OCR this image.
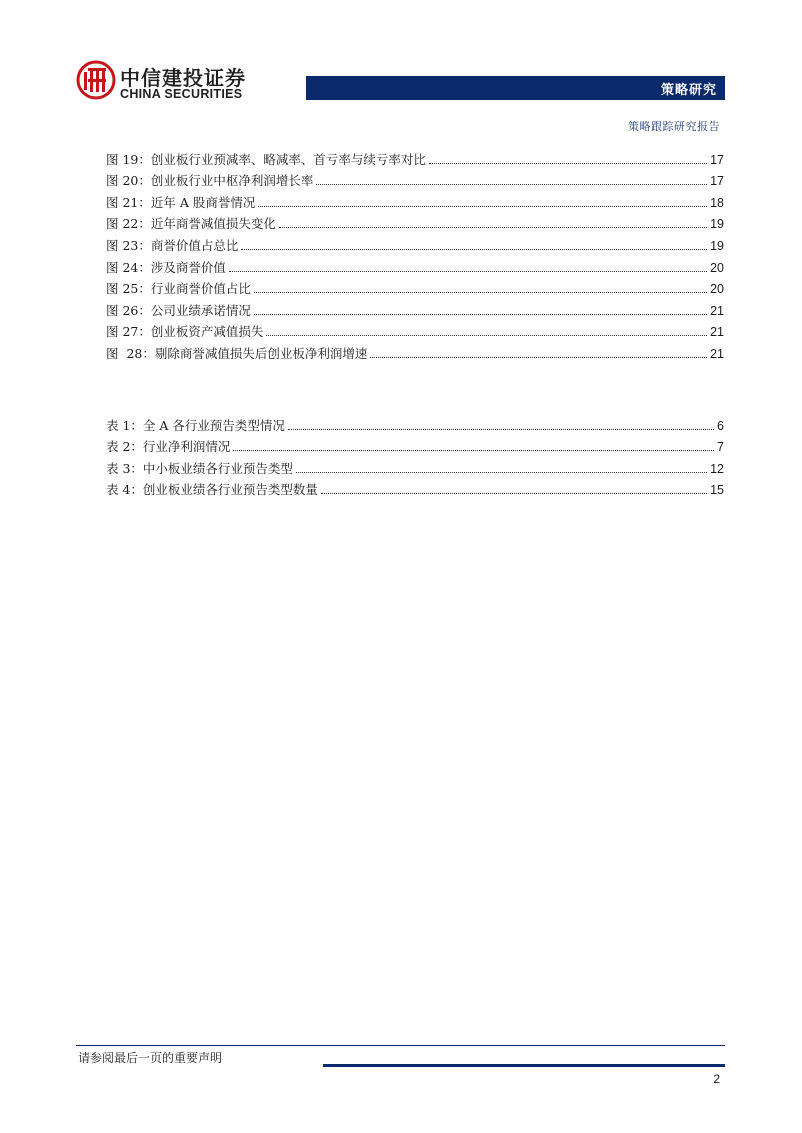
中信建投证券
CHINA SECURITIES	策略研究
策略跟踪研究报告
图 19：创业板行业预减率、略减率、首亏率与续亏率对比	17
图 20：创业板行业中枢净利润增长率	17
图 21：近年 A 股商誉情况	18
图 22：近年商誉减值损失变化	19
图 23：商誉价值占总比	19
图 24：涉及商誉价值	20
图 25：行业商誉价值占比	20
图 26：公司业绩承诺情况	21
图 27：创业板资产减值损失	21
图  28：剔除商誉减值损失后创业板净利润增速	21
表 1：全 A 各行业预告类型情况	6
表 2：行业净利润情况	7
表 3：中小板业绩各行业预告类型	12
表 4：创业板业绩各行业预告类型数量	15
请参阅最后一页的重要声明
2
